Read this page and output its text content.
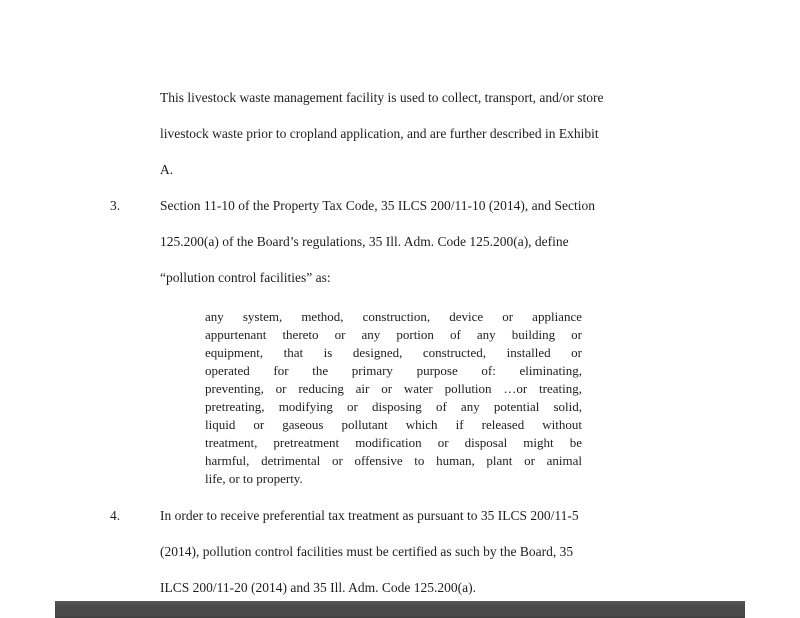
This livestock waste management facility is used to collect, transport, and/or store
livestock waste prior to cropland application, and are further described in Exhibit
A.
3.	Section 11-10 of the Property Tax Code, 35 ILCS 200/11-10 (2014), and Section
125.200(a) of the Board’s regulations, 35 Ill. Adm. Code 125.200(a), define
“pollution control facilities” as:
any system, method, construction, device or appliance
appurtenant thereto or any portion of any building or
equipment, that is designed, constructed, installed or
operated for the primary purpose of: eliminating,
preventing, or reducing air or water pollution …or treating,
pretreating, modifying or disposing of any potential solid,
liquid or gaseous pollutant which if released without
treatment, pretreatment modification or disposal might be
harmful, detrimental or offensive to human, plant or animal
life, or to property.
4.	In order to receive preferential tax treatment as pursuant to 35 ILCS 200/11-5
(2014), pollution control facilities must be certified as such by the Board, 35
ILCS 200/11-20 (2014) and 35 Ill. Adm. Code 125.200(a).
